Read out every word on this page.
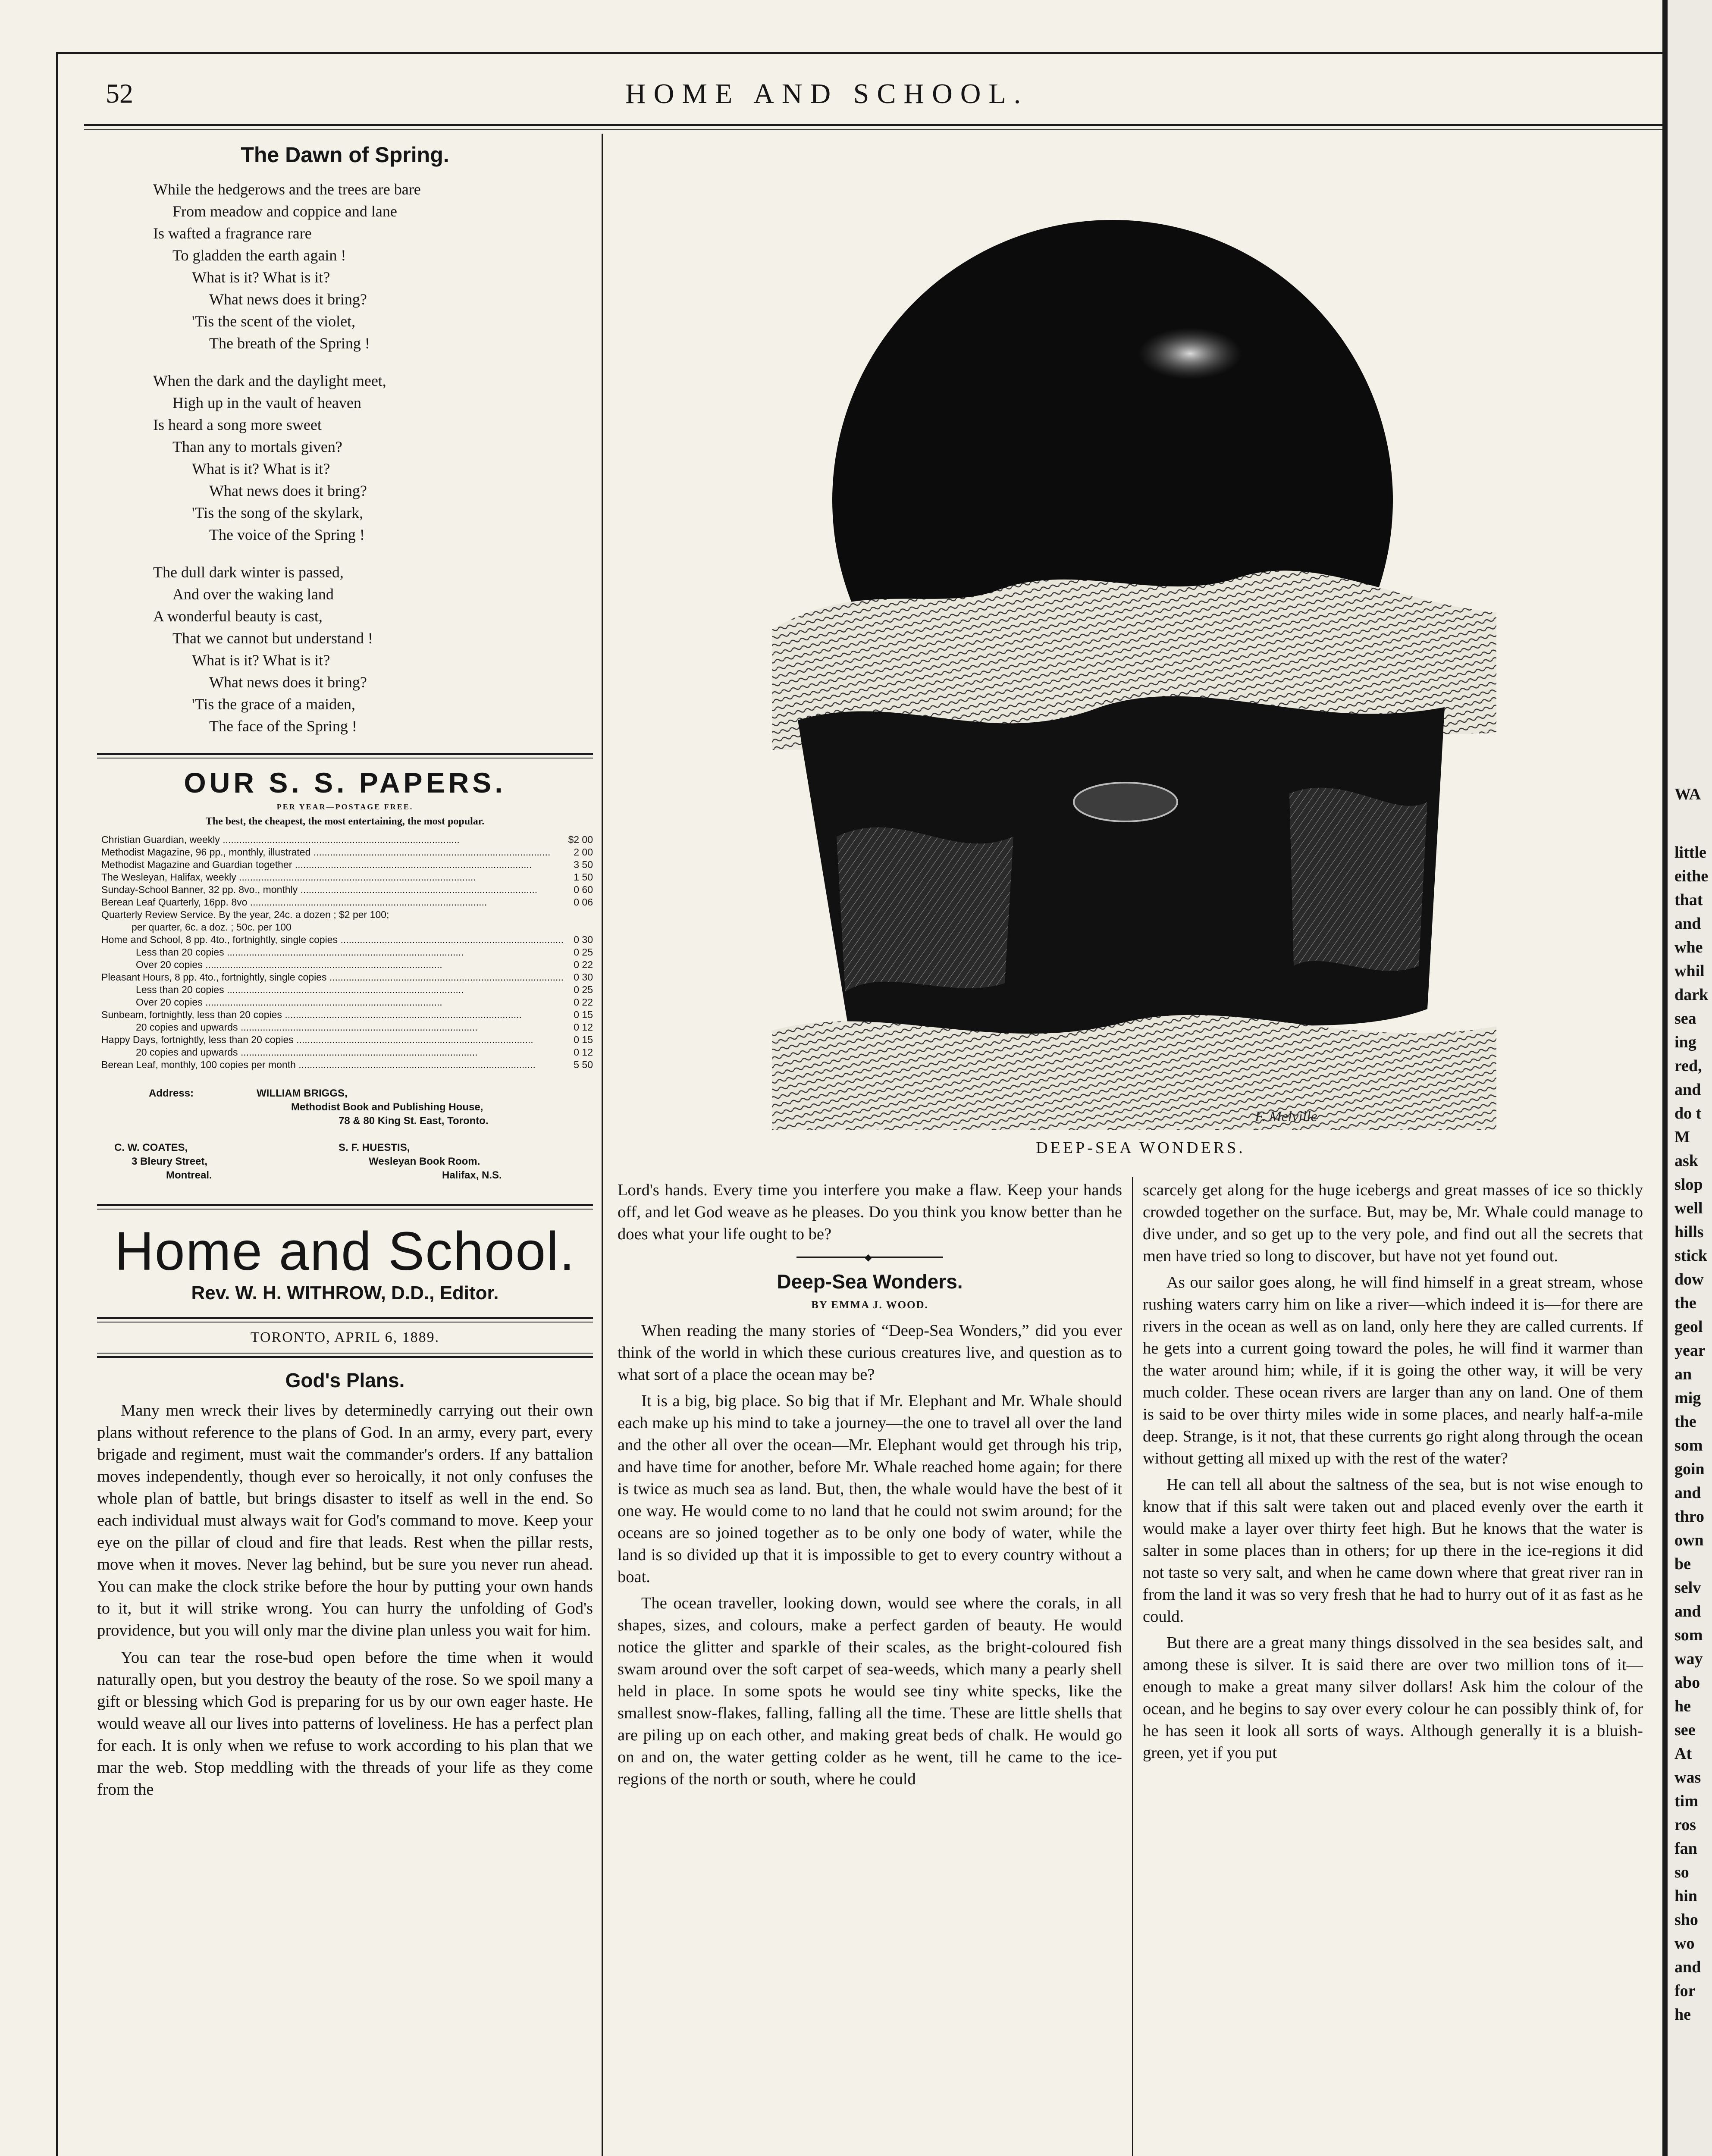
52	HOME AND SCHOOL.
The Dawn of Spring.
While the hedgerows and the trees are bare
From meadow and coppice and lane
Is wafted a fragrance rare
To gladden the earth again !
What is it? What is it?
What news does it bring?
'Tis the scent of the violet,
The breath of the Spring !
When the dark and the daylight meet,
High up in the vault of heaven
Is heard a song more sweet
Than any to mortals given?
What is it? What is it?
What news does it bring?
'Tis the song of the skylark,
The voice of the Spring !
The dull dark winter is passed,
And over the waking land
A wonderful beauty is cast,
That we cannot but understand !
What is it? What is it?
What news does it bring?
'Tis the grace of a maiden,
The face of the Spring !
OUR S. S. PAPERS.
PER YEAR—POSTAGE FREE.
The best, the cheapest, the most entertaining, the most popular.
Christian Guardian, weekly .....	$2 00
Methodist Magazine, 96 pp., monthly, illustrated .....	2 00
Methodist Magazine and Guardian together .....	3 50
The Wesleyan, Halifax, weekly .....	1 50
Sunday-School Banner, 32 pp. 8vo., monthly .....	0 60
Berean Leaf Quarterly, 16pp. 8vo .....	0 06
Quarterly Review Service. By the year, 24c. a dozen ; $2 per 100;
per quarter, 6c. a doz. ; 50c. per 100
Home and School, 8 pp. 4to., fortnightly, single copies .....	0 30
Less than 20 copies .....	0 25
Over 20 copies .....	0 22
Pleasant Hours, 8 pp. 4to., fortnightly, single copies .....	0 30
Less than 20 copies .....	0 25
Over 20 copies .....	0 22
Sunbeam, fortnightly, less than 20 copies .....	0 15
20 copies and upwards .....	0 12
Happy Days, fortnightly, less than 20 copies .....	0 15
20 copies and upwards .....	0 12
Berean Leaf, monthly, 100 copies per month .....	5 50
Address:	WILLIAM BRIGGS,
Methodist Book and Publishing House,
78 & 80 King St. East, Toronto.
C. W. COATES,
3 Bleury Street,
Montreal.
S. F. HUESTIS,
Wesleyan Book Room.
Halifax, N.S.
Home and School.
Rev. W. H. WITHROW, D.D., Editor.
TORONTO, APRIL 6, 1889.
God's Plans.

Many men wreck their lives by determinedly carrying out their own plans without reference to the plans of God. In an army, every part, every brigade and regiment, must wait the commander's orders. If any battalion moves independently, though ever so heroically, it not only confuses the whole plan of battle, but brings disaster to itself as well in the end. So each individual must always wait for God's command to move. Keep your eye on the pillar of cloud and fire that leads. Rest when the pillar rests, move when it moves. Never lag behind, but be sure you never run ahead. You can make the clock strike before the hour by putting your own hands to it, but it will strike wrong. You can hurry the unfolding of God's providence, but you will only mar the divine plan unless you wait for him.

You can tear the rose-bud open before the time when it would naturally open, but you destroy the beauty of the rose. So we spoil many a gift or blessing which God is preparing for us by our own eager haste. He would weave all our lives into patterns of loveliness. He has a perfect plan for each. It is only when we refuse to work according to his plan that we mar the web. Stop meddling with the threads of your life as they come from the

F. Melville
DEEP-SEA WONDERS.

Lord's hands. Every time you interfere you make a flaw. Keep your hands off, and let God weave as he pleases. Do you think you know better than he does what your life ought to be?

◆
Deep-Sea Wonders.
BY EMMA J. WOOD.

When reading the many stories of “Deep-Sea Wonders,” did you ever think of the world in which these curious creatures live, and question as to what sort of a place the ocean may be?

It is a big, big place. So big that if Mr. Elephant and Mr. Whale should each make up his mind to take a journey—the one to travel all over the land and the other all over the ocean—Mr. Elephant would get through his trip, and have time for another, before Mr. Whale reached home again; for there is twice as much sea as land. But, then, the whale would have the best of it one way. He would come to no land that he could not swim around; for the oceans are so joined together as to be only one body of water, while the land is so divided up that it is impossible to get to every country without a boat.

The ocean traveller, looking down, would see where the corals, in all shapes, sizes, and colours, make a perfect garden of beauty. He would notice the glitter and sparkle of their scales, as the bright-coloured fish swam around over the soft carpet of sea-weeds, which many a pearly shell held in place. In some spots he would see tiny white specks, like the smallest snow-flakes, falling, falling all the time. These are little shells that are piling up on each other, and making great beds of chalk. He would go on and on, the water getting colder as he went, till he came to the ice-regions of the north or south, where he could

scarcely get along for the huge icebergs and great masses of ice so thickly crowded together on the surface. But, may be, Mr. Whale could manage to dive under, and so get up to the very pole, and find out all the secrets that men have tried so long to discover, but have not yet found out.

As our sailor goes along, he will find himself in a great stream, whose rushing waters carry him on like a river—which indeed it is—for there are rivers in the ocean as well as on land, only here they are called currents. If he gets into a current going toward the poles, he will find it warmer than the water around him; while, if it is going the other way, it will be very much colder. These ocean rivers are larger than any on land. One of them is said to be over thirty miles wide in some places, and nearly half-a-mile deep. Strange, is it not, that these currents go right along through the ocean without getting all mixed up with the rest of the water?

He can tell all about the saltness of the sea, but is not wise enough to know that if this salt were taken out and placed evenly over the earth it would make a layer over thirty feet high. But he knows that the water is salter in some places than in others; for up there in the ice-regions it did not taste so very salt, and when he came down where that great river ran in from the land it was so very fresh that he had to hurry out of it as fast as he could.

But there are a great many things dissolved in the sea besides salt, and among these is silver. It is said there are over two million tons of it—enough to make a great many silver dollars! Ask him the colour of the ocean, and he begins to say over every colour he can possibly think of, for he has seen it look all sorts of ways. Although generally it is a bluish-green, yet if you put

WA
little
eithe
that
and
whe
whil
dark
sea
ing
red,
and
do t
M
ask
slop
well
hills
stick
dow
the
geol
year
an
mig
the
som
goin
and
thro
own
be
selv
and
som
way
abo
he
see
At
was
tim
ros
fan
so
hin
sho
wo
and
for
he
